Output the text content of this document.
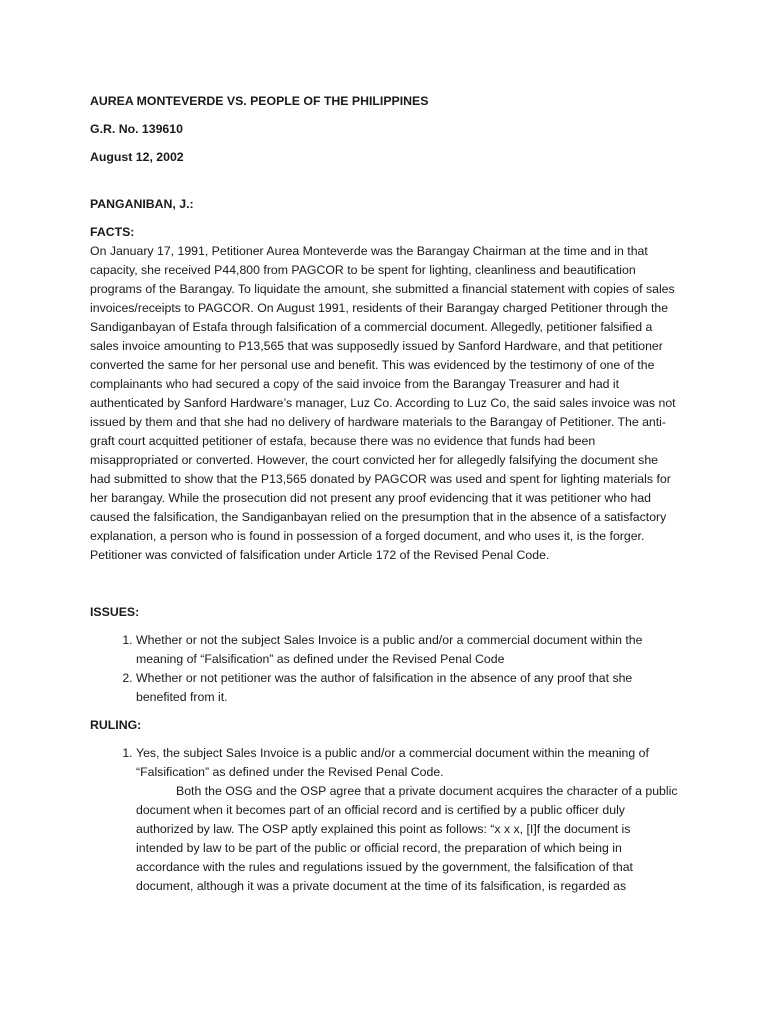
AUREA MONTEVERDE VS. PEOPLE OF THE PHILIPPINES

G.R. No. 139610

August 12, 2002

PANGANIBAN, J.:

FACTS:

On January 17, 1991, Petitioner Aurea Monteverde was the Barangay Chairman at the time and in that capacity, she received P44,800 from PAGCOR to be spent for lighting, cleanliness and beautification programs of the Barangay. To liquidate the amount, she submitted a financial statement with copies of sales invoices/receipts to PAGCOR. On August 1991, residents of their Barangay charged Petitioner through the Sandiganbayan of Estafa through falsification of a commercial document. Allegedly, petitioner falsified a sales invoice amounting to P13,565 that was supposedly issued by Sanford Hardware, and that petitioner converted the same for her personal use and benefit. This was evidenced by the testimony of one of the complainants who had secured a copy of the said invoice from the Barangay Treasurer and had it authenticated by Sanford Hardware’s manager, Luz Co. According to Luz Co, the said sales invoice was not issued by them and that she had no delivery of hardware materials to the Barangay of Petitioner. The anti-graft court acquitted petitioner of estafa, because there was no evidence that funds had been misappropriated or converted. However, the court convicted her for allegedly falsifying the document she had submitted to show that the P13,565 donated by PAGCOR was used and spent for lighting materials for her barangay. While the prosecution did not present any proof evidencing that it was petitioner who had caused the falsification, the Sandiganbayan relied on the presumption that in the absence of a satisfactory explanation, a person who is found in possession of a forged document, and who uses it, is the forger. Petitioner was convicted of falsification under Article 172 of the Revised Penal Code.

ISSUES:

1. Whether or not the subject Sales Invoice is a public and/or a commercial document within the meaning of “Falsification” as defined under the Revised Penal Code
2. Whether or not petitioner was the author of falsification in the absence of any proof that she benefited from it.

RULING:

1. Yes, the subject Sales Invoice is a public and/or a commercial document within the meaning of “Falsification” as defined under the Revised Penal Code.

Both the OSG and the OSP agree that a private document acquires the character of a public document when it becomes part of an official record and is certified by a public officer duly authorized by law. The OSP aptly explained this point as follows: “x x x, [I]f the document is intended by law to be part of the public or official record, the preparation of which being in accordance with the rules and regulations issued by the government, the falsification of that document, although it was a private document at the time of its falsification, is regarded as
